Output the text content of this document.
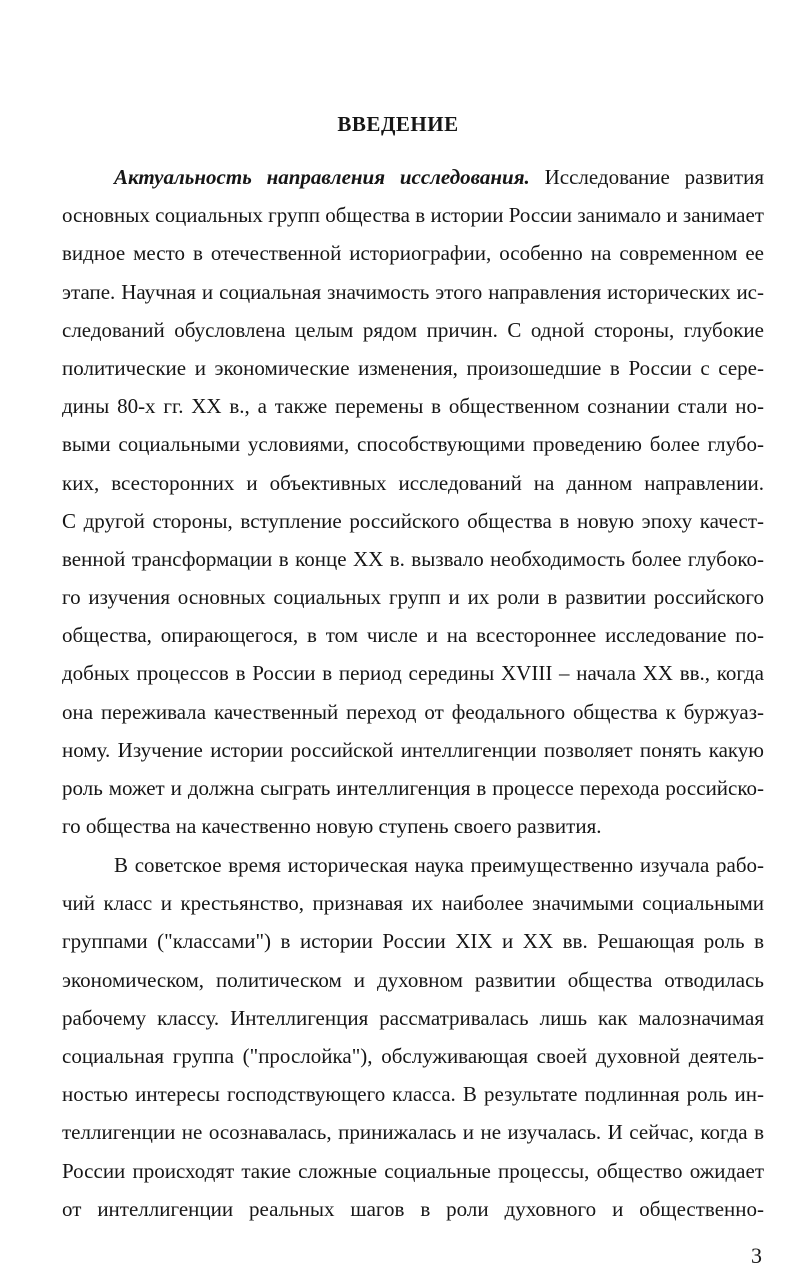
ВВЕДЕНИЕ
Актуальность направления исследования. Исследование развития
основных социальных групп общества в истории России занимало и занимает
видное место в отечественной историографии, особенно на современном ее
этапе. Научная и социальная значимость этого направления исторических ис-
следований обусловлена целым рядом причин. С одной стороны, глубокие
политические и экономические изменения, произошедшие в России с сере-
дины 80-х гг. XX в., а также перемены в общественном сознании стали но-
выми социальными условиями, способствующими проведению более глубо-
ких, всесторонних и объективных исследований на данном направлении.
С другой стороны, вступление российского общества в новую эпоху качест-
венной трансформации в конце XX в. вызвало необходимость более глубоко-
го изучения основных социальных групп и их роли в развитии российского
общества, опирающегося, в том числе и на всестороннее исследование по-
добных процессов в России в период середины XVIII – начала XX вв., когда
она переживала качественный переход от феодального общества к буржуаз-
ному. Изучение истории российской интеллигенции позволяет понять какую
роль может и должна сыграть интеллигенция в процессе перехода российско-
го общества на качественно новую ступень своего развития.
В советское время историческая наука преимущественно изучала рабо-
чий класс и крестьянство, признавая их наиболее значимыми социальными
группами ("классами") в истории России XIX и XX вв. Решающая роль в
экономическом, политическом и духовном развитии общества отводилась
рабочему классу. Интеллигенция рассматривалась лишь как малозначимая
социальная группа ("прослойка"), обслуживающая своей духовной деятель-
ностью интересы господствующего класса. В результате подлинная роль ин-
теллигенции не осознавалась, принижалась и не изучалась. И сейчас, когда в
России происходят такие сложные социальные процессы, общество ожидает
от интеллигенции реальных шагов в роли духовного и общественно-
3
